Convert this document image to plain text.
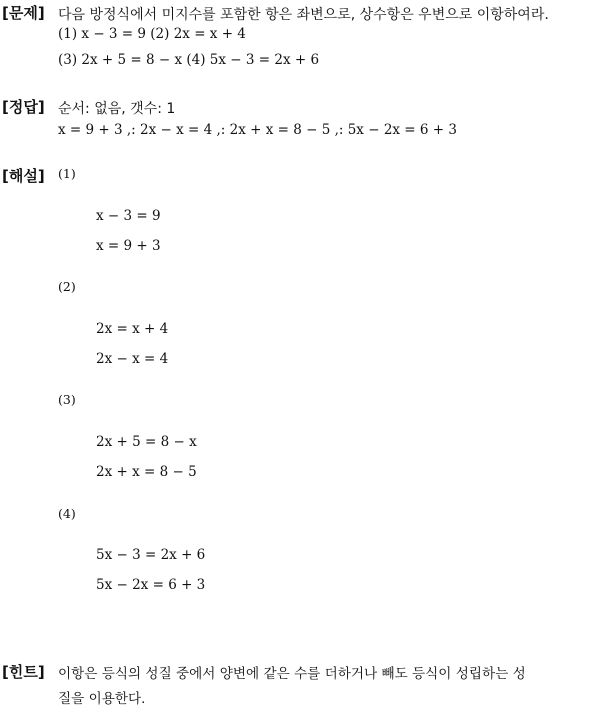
[문제] 다음 방정식에서 미지수를 포함한 항은 좌변으로, 상수항은 우변으로 이항하여라.
(1) x − 3 = 9 (2) 2x = x + 4
(3) 2x + 5 = 8 − x (4) 5x − 3 = 2x + 6
[정답] 순서: 없음, 갯수: 1
x = 9 + 3 ,: 2x − x = 4 ,: 2x + x = 8 − 5 ,: 5x − 2x = 6 + 3
[해설] (1)
x − 3 = 9
x = 9 + 3
(2)
2x = x + 4
2x − x = 4
(3)
2x + 5 = 8 − x
2x + x = 8 − 5
(4)
5x − 3 = 2x + 6
5x − 2x = 6 + 3
[힌트] 이항은 등식의 성질 중에서 양변에 같은 수를 더하거나 빼도 등식이 성립하는 성
질을 이용한다.
